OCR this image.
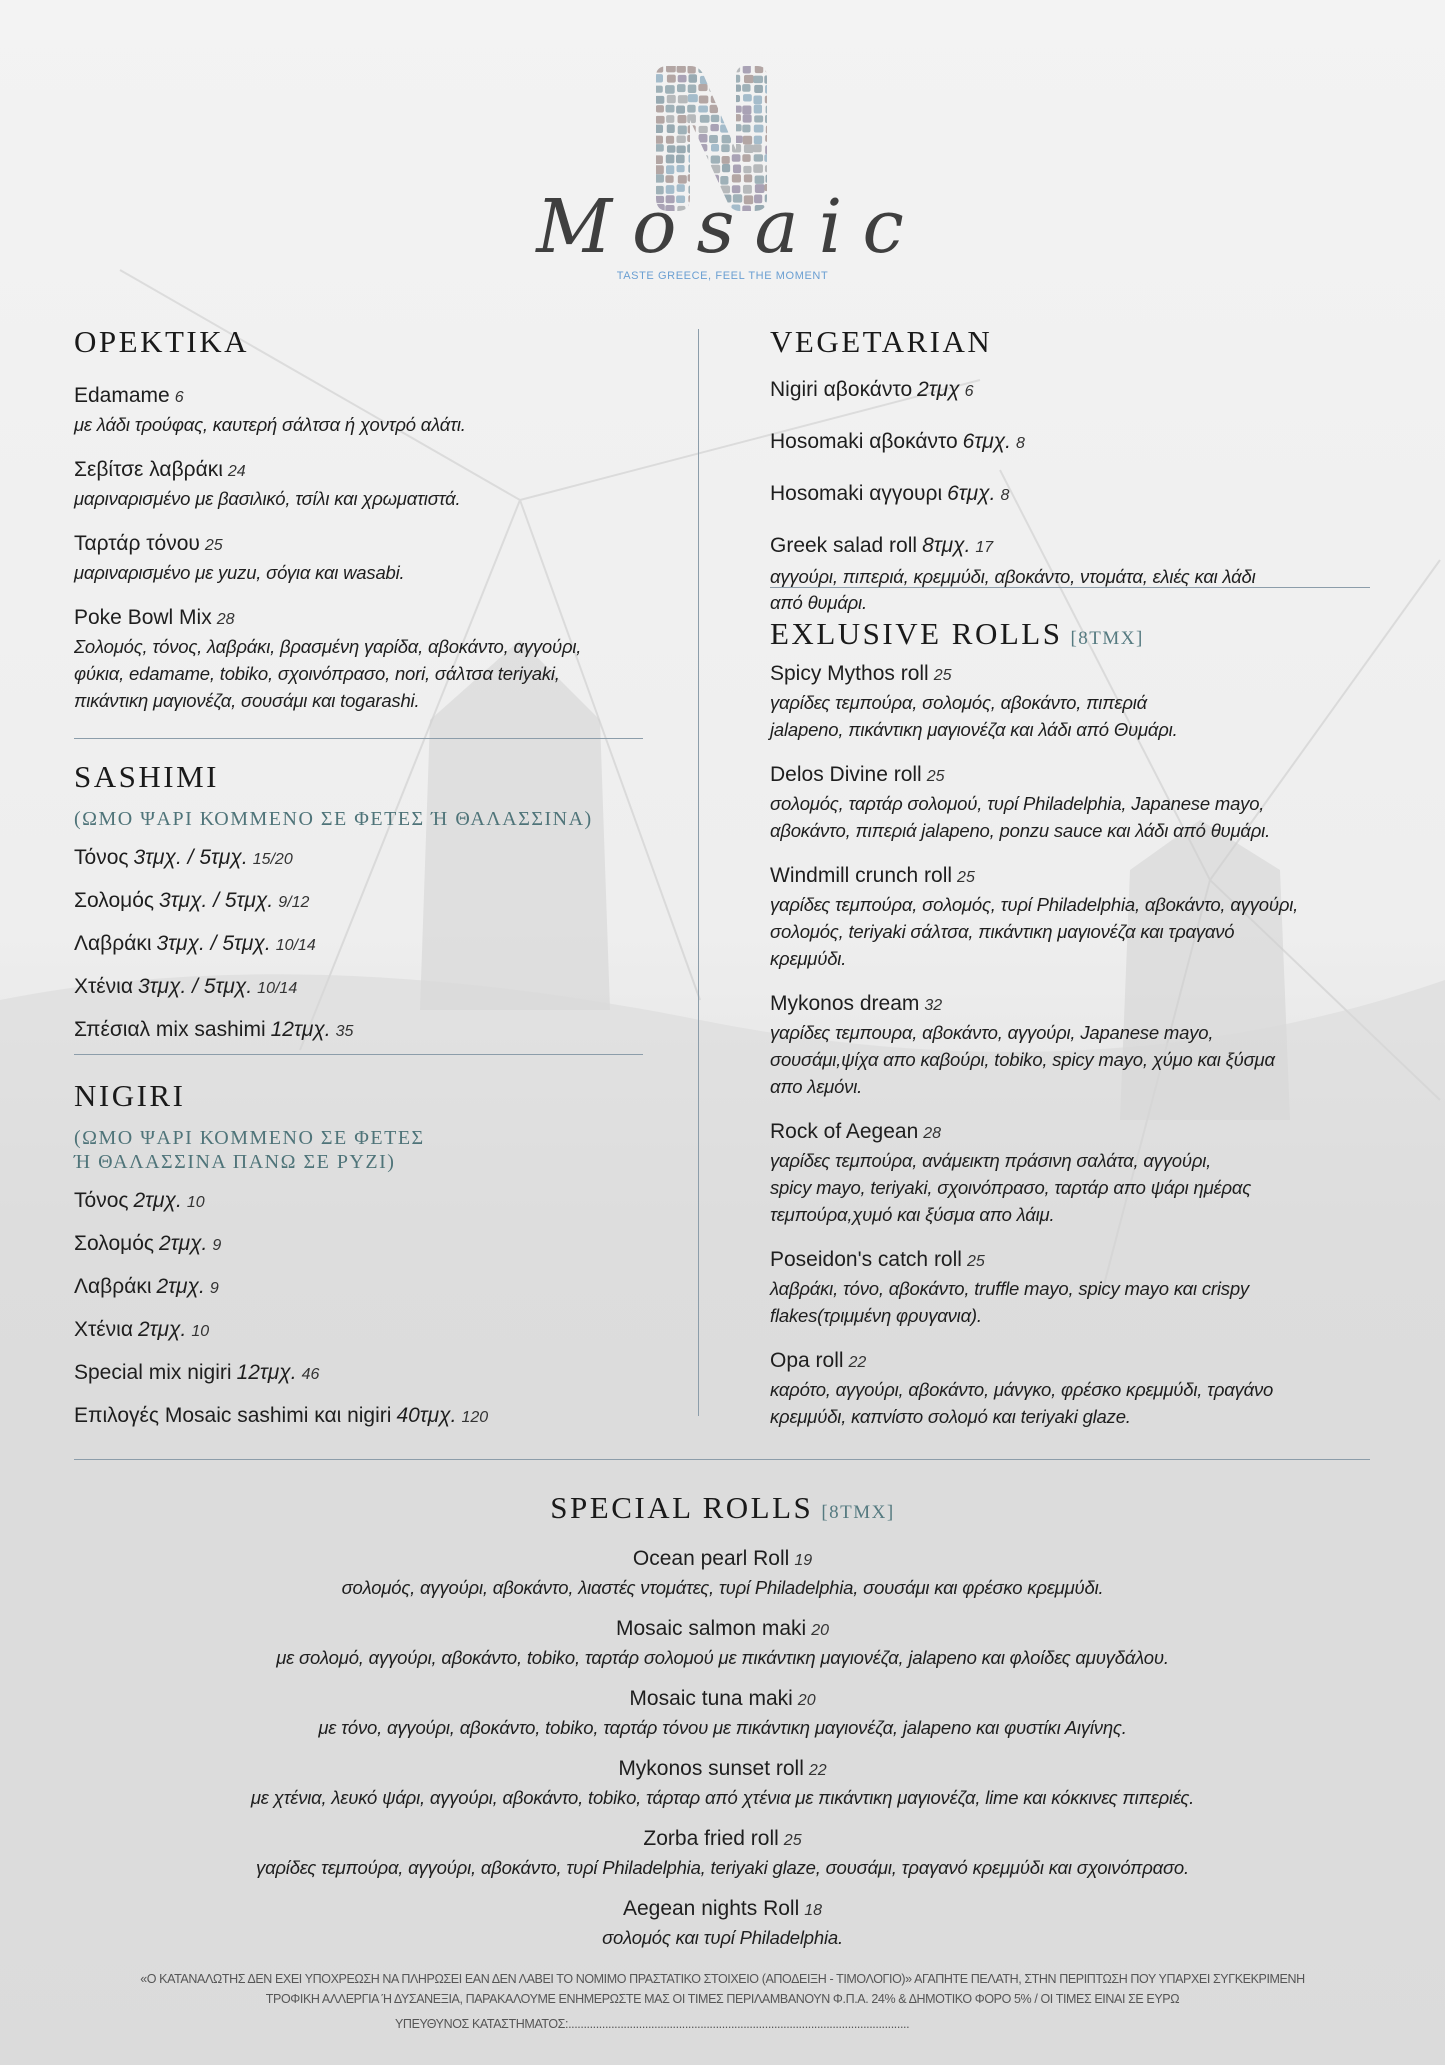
Mosaic
TASTE GREECE, FEEL THE MOMENT
OPEKTIKA
Edamame 6
με λάδι τρούφας, καυτερή σάλτσα ή χοντρό αλάτι.
Σεβίτσε λαβράκι 24
μαριναρισμένο με βασιλικό, τσίλι και χρωματιστά.
Ταρτάρ τόνου 25
μαριναρισμένο με yuzu, σόγια και wasabi.
Poke Bowl Mix 28
Σολομός, τόνος, λαβράκι, βρασμένη γαρίδα, αβοκάντο, αγγούρι,
φύκια, edamame, tobiko, σχοινόπρασο, nori, σάλτσα teriyaki,
πικάντικη μαγιονέζα, σουσάμι και togarashi.
SASHIMI
(ΩΜΟ ΨΑΡΙ ΚΟΜΜΕΝΟ ΣΕ ΦΕΤΕΣ Ή ΘΑΛΑΣΣΙΝΑ)
Τόνος 3τμχ. / 5τμχ. 15/20
Σολομός 3τμχ. / 5τμχ. 9/12
Λαβράκι 3τμχ. / 5τμχ. 10/14
Χτένια 3τμχ. / 5τμχ. 10/14
Σπέσιαλ mix sashimi 12τμχ. 35
NIGIRI
(ΩΜΟ ΨΑΡΙ ΚΟΜΜΕΝΟ ΣΕ ΦΕΤΕΣ
Ή ΘΑΛΑΣΣΙΝΑ ΠΑΝΩ ΣΕ ΡΥΖΙ)
Τόνος 2τμχ. 10
Σολομός 2τμχ. 9
Λαβράκι 2τμχ. 9
Χτένια 2τμχ. 10
Special mix nigiri 12τμχ. 46
Επιλογές Mosaic sashimi και nigiri 40τμχ. 120
VEGETARIAN
Nigiri αβοκάντο 2τμχ 6
Hosomaki αβοκάντο 6τμχ. 8
Hosomaki αγγουρι 6τμχ. 8
Greek salad roll 8τμχ. 17
αγγούρι, πιπεριά, κρεμμύδι, αβοκάντο, ντομάτα, ελιές και λάδι
από θυμάρι.
EXLUSIVE ROLLS [8ΤΜΧ]
Spicy Mythos roll 25
γαρίδες τεμπούρα, σολομός, αβοκάντο, πιπεριά
jalapeno, πικάντικη μαγιονέζα και λάδι από Θυμάρι.
Delos Divine roll 25
σολομός, ταρτάρ σολομού, τυρί Philadelphia, Japanese mayo,
αβοκάντο, πιπεριά jalapeno, ponzu sauce και λάδι από θυμάρι.
Windmill crunch roll 25
γαρίδες τεμπούρα, σολομός, τυρί Philadelphia, αβοκάντο, αγγούρι,
σολομός, teriyaki σάλτσα, πικάντικη μαγιονέζα και τραγανό
κρεμμύδι.
Mykonos dream 32
γαρίδες τεμπουρα, αβοκάντο, αγγούρι, Japanese mayo,
σουσάμι,ψίχα απο καβούρι, tobiko, spicy mayo, χύμο και ξύσμα
απο λεμόνι.
Rock of Aegean 28
γαρίδες τεμπούρα, ανάμεικτη πράσινη σαλάτα, αγγούρι,
spicy mayo, teriyaki, σχοινόπρασο, ταρτάρ απο ψάρι ημέρας
τεμπούρα,χυμό και ξύσμα απο λάιμ.
Poseidon's catch roll 25
λαβράκι, τόνο, αβοκάντο, truffle mayo, spicy mayo και crispy
flakes(τριμμένη φρυγανια).
Opa roll 22
καρότο, αγγούρι, αβοκάντο, μάνγκο, φρέσκο κρεμμύδι, τραγάνο
κρεμμύδι, καπνίστο σολομό και teriyaki glaze.
SPECIAL ROLLS [8ΤΜΧ]
Ocean pearl Roll 19
σολομός, αγγούρι, αβοκάντο, λιαστές ντομάτες, τυρί Philadelphia, σουσάμι και φρέσκο κρεμμύδι.
Mosaic salmon maki 20
με σολομό, αγγούρι, αβοκάντο, tobiko, ταρτάρ σολομού με πικάντικη μαγιονέζα, jalapeno και φλοίδες αμυγδάλου.
Mosaic tuna maki 20
με τόνο, αγγούρι, αβοκάντο, tobiko, ταρτάρ τόνου με πικάντικη μαγιονέζα, jalapeno και φυστίκι Αιγίνης.
Mykonos sunset roll 22
με χτένια, λευκό ψάρι, αγγούρι, αβοκάντο, tobiko, τάρταρ από χτένια με πικάντικη μαγιονέζα, lime και κόκκινες πιπεριές.
Zorba fried roll 25
γαρίδες τεμπούρα, αγγούρι, αβοκάντο, τυρί Philadelphia, teriyaki glaze, σουσάμι, τραγανό κρεμμύδι και σχοινόπρασο.
Aegean nights Roll 18
σολομός και τυρί Philadelphia.
«Ο ΚΑΤΑΝΑΛΩΤΗΣ ΔΕΝ ΕΧΕΙ ΥΠΟΧΡΕΩΣΗ ΝΑ ΠΛΗΡΩΣΕΙ ΕΑΝ ΔΕΝ ΛΑΒΕΙ ΤΟ ΝΟΜΙΜΟ ΠΡΑΣΤΑΤΙΚΟ ΣΤΟΙΧΕΙΟ (ΑΠΟΔΕΙΞΗ - ΤΙΜΟΛΟΓΙΟ)» ΑΓΑΠΗΤΕ ΠΕΛΑΤΗ, ΣΤΗΝ ΠΕΡΙΠΤΩΣΗ ΠΟΥ ΥΠΑΡΧΕΙ ΣΥΓΚΕΚΡΙΜΕΝΗ
ΤΡΟΦΙΚΗ ΑΛΛΕΡΓΙΑ Ή ΔΥΣΑΝΕΞΙΑ, ΠΑΡΑΚΑΛΟΥΜΕ ΕΝΗΜΕΡΩΣΤΕ ΜΑΣ ΟΙ ΤΙΜΕΣ ΠΕΡΙΛΑΜΒΑΝΟΥΝ Φ.Π.Α. 24% & ΔΗΜΟΤΙΚΟ ΦΟΡΟ 5% / ΟΙ ΤΙΜΕΣ ΕΙΝΑΙ ΣΕ ΕΥΡΩ
ΥΠΕΥΘΥΝΟΣ ΚΑΤΑΣΤΗΜΑΤΟΣ:...............................................................................................................
